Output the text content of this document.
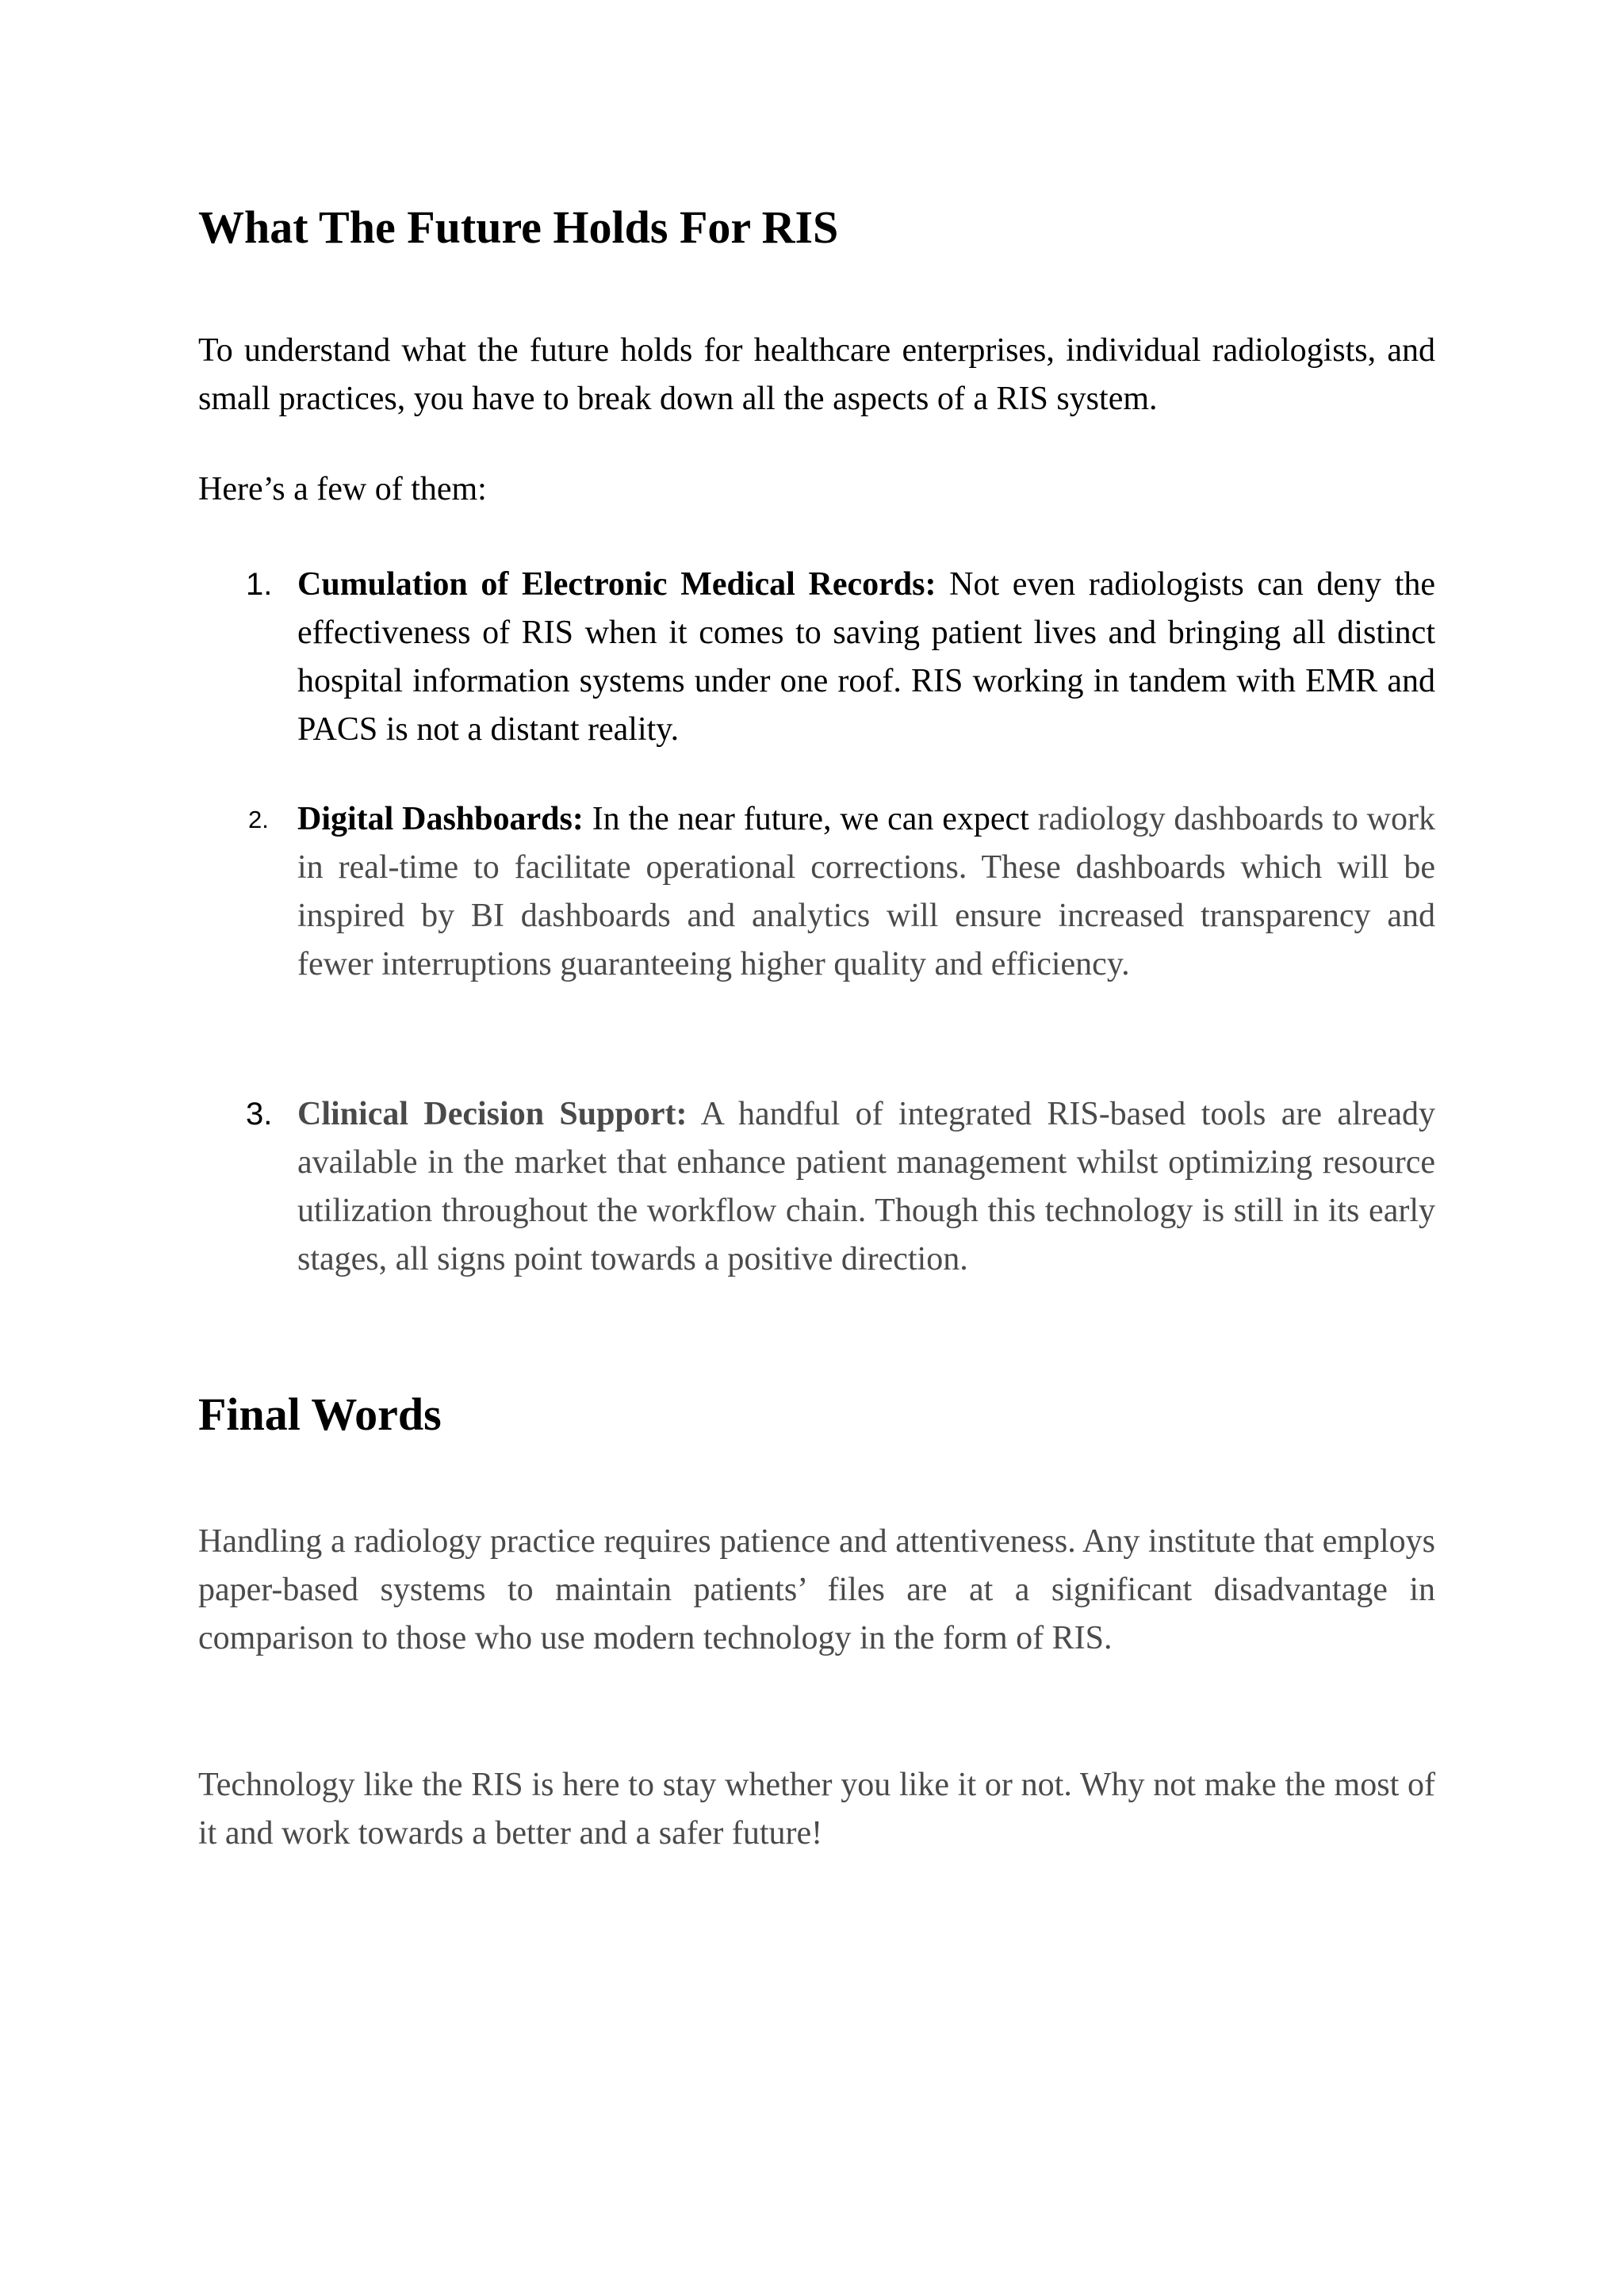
What The Future Holds For RIS

To understand what the future holds for healthcare enterprises, individual radiologists, and small practices, you have to break down all the aspects of a RIS system.

Here’s a few of them:

1. Cumulation of Electronic Medical Records: Not even radiologists can deny the effectiveness of RIS when it comes to saving patient lives and bringing all distinct hospital information systems under one roof. RIS working in tandem with EMR and PACS is not a distant reality.
2. Digital Dashboards: In the near future, we can expect radiology dashboards to work in real-time to facilitate operational corrections. These dashboards which will be inspired by BI dashboards and analytics will ensure increased transparency and fewer interruptions guaranteeing higher quality and efficiency.
3. Clinical Decision Support: A handful of integrated RIS-based tools are already available in the market that enhance patient management whilst optimizing resource utilization throughout the workflow chain. Though this technology is still in its early stages, all signs point towards a positive direction.
Final Words

Handling a radiology practice requires patience and attentiveness. Any institute that employs paper-based systems to maintain patients’ files are at a significant disadvantage in comparison to those who use modern technology in the form of RIS.

Technology like the RIS is here to stay whether you like it or not. Why not make the most of it and work towards a better and a safer future!
